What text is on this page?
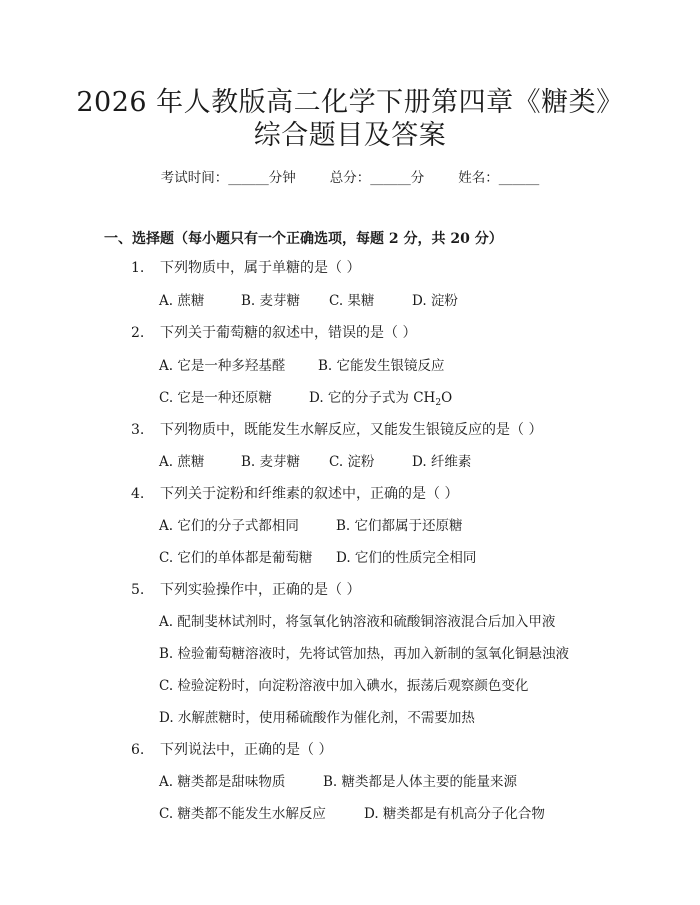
2026 年人教版高二化学下册第四章《糖类》
综合题目及答案
考试时间：______分钟	总分：______分	姓名：______
一、选择题（每小题只有一个正确选项，每题 2 分，共 20 分）
1. 下列物质中，属于单糖的是（ ）
A. 蔗糖	B. 麦芽糖 C. 果糖	D. 淀粉
2. 下列关于葡萄糖的叙述中，错误的是（ ）
A. 它是一种多羟基醛 B. 它能发生银镜反应
C. 它是一种还原糖	D. 它的分子式为 $CH_2O$
3. 下列物质中，既能发生水解反应，又能发生银镜反应的是（ ）
A. 蔗糖	B. 麦芽糖 C. 淀粉	D. 纤维素
4. 下列关于淀粉和纤维素的叙述中，正确的是（ ）
A. 它们的分子式都相同	B. 它们都属于还原糖
C. 它们的单体都是葡萄糖 D. 它们的性质完全相同
5. 下列实验操作中，正确的是（ ）
A. 配制斐林试剂时，将氢氧化钠溶液和硫酸铜溶液混合后加入甲液
B. 检验葡萄糖溶液时，先将试管加热，再加入新制的氢氧化铜悬浊液
C. 检验淀粉时，向淀粉溶液中加入碘水，振荡后观察颜色变化
D. 水解蔗糖时，使用稀硫酸作为催化剂，不需要加热
6. 下列说法中，正确的是（ ）
A. 糖类都是甜味物质	B. 糖类都是人体主要的能量来源
C. 糖类都不能发生水解反应	D. 糖类都是有机高分子化合物
